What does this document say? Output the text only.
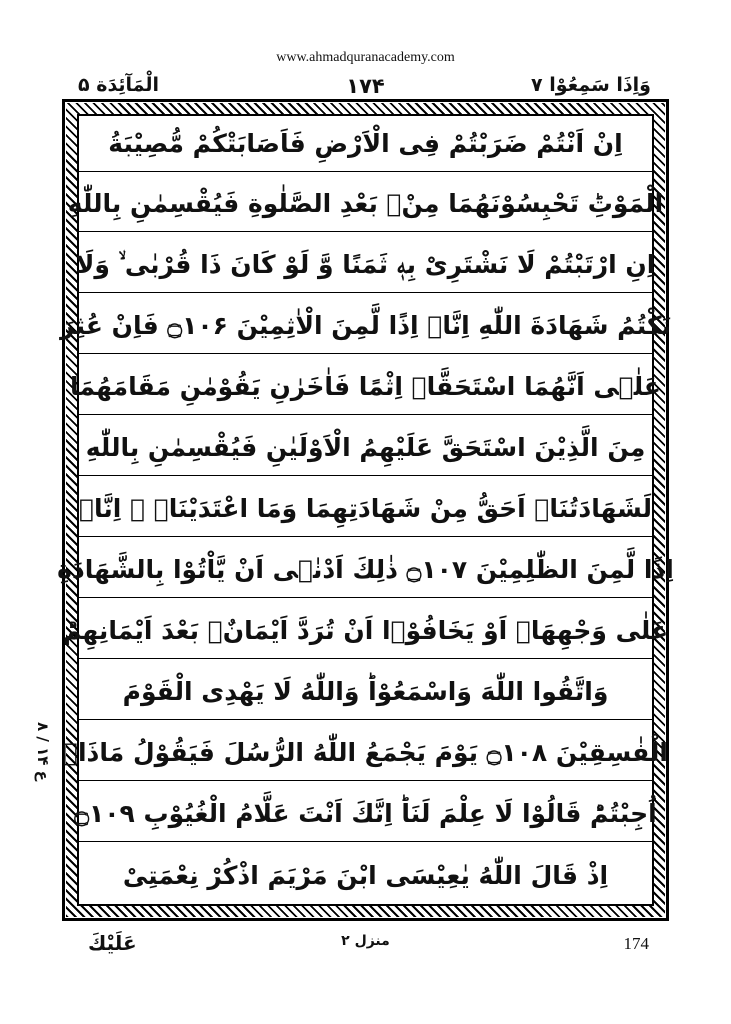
www.ahmadquranacademy.com
وَاِذَا سَمِعُوْا ۷
۱۷۴
الْمَآئِدَة ۵
اِنْ اَنْتُمْ ضَرَبْتُمْ فِی الْاَرْضِ فَاَصَابَتْكُمْ مُّصِیْبَةُ
الْمَوْتِؕ تَحْبِسُوْنَهُمَا مِنْۢ بَعْدِ الصَّلٰوةِ فَیُقْسِمٰنِ بِاللّٰهِ
اِنِ ارْتَبْتُمْ لَا نَشْتَرِیْ بِهٖ ثَمَنًا وَّ لَوْ كَانَ ذَا قُرْبٰی ۙ وَلَا
نَكْتُمُ شَهَادَةَ اللّٰهِ اِنَّاۤ اِذًا لَّمِنَ الْاٰثِمِیْنَ ۝۱۰۶ فَاِنْ عُثِرَ
عَلٰۤی اَنَّهُمَا اسْتَحَقَّاۤ اِثْمًا فَاٰخَرٰنِ یَقُوْمٰنِ مَقَامَهُمَا
مِنَ الَّذِیْنَ اسْتَحَقَّ عَلَیْهِمُ الْاَوْلَیٰنِ فَیُقْسِمٰنِ بِاللّٰهِ
لَشَهَادَتُنَاۤ اَحَقُّ مِنْ شَهَادَتِهِمَا وَمَا اعْتَدَیْنَاۤ ۖ اِنَّاۤ
اِذًا لَّمِنَ الظّٰلِمِیْنَ ۝۱۰۷ ذٰلِكَ اَدْنٰۤی اَنْ یَّاْتُوْا بِالشَّهَادَةِ
عَلٰی وَجْهِهَاۤ اَوْ یَخَافُوْۤا اَنْ تُرَدَّ اَیْمَانٌۢ بَعْدَ اَیْمَانِهِمْؕ
وَاتَّقُوا اللّٰهَ وَاسْمَعُوْاؕ وَاللّٰهُ لَا یَهْدِی الْقَوْمَ
الْفٰسِقِیْنَ ۝۱۰۸ یَوْمَ یَجْمَعُ اللّٰهُ الرُّسُلَ فَیَقُوْلُ مَاذَاۤ
اُجِبْتُمْؕ قَالُوْا لَا عِلْمَ لَنَاؕ اِنَّكَ اَنْتَ عَلَّامُ الْغُیُوْبِ ۝۱۰۹
اِذْ قَالَ اللّٰهُ یٰعِیْسَی ابْنَ مَرْیَمَ اذْكُرْ نِعْمَتِیْ
ع ۱۴ / ۸
عَلَیْكَ	منزل ۲	174
